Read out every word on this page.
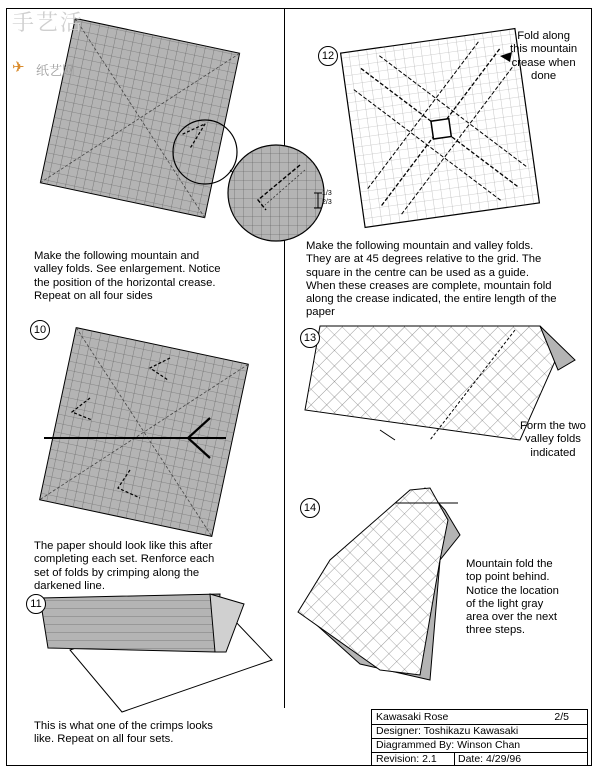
1/3
2/3
手艺活
✈ 纸艺网
Make the following mountain and
valley folds. See enlargement. Notice
the position of the horizontal crease.
Repeat on all four sides
10
11
12
13
14
The paper should look like this after
completing each set. Renforce each
set of folds by crimping along the
darkened line.
This is what one of the crimps looks
like. Repeat on all four sets.
Make the following mountain and valley folds.
They are at 45 degrees relative to the grid. The
square in the centre can be used as a guide.
When these creases are complete, mountain fold
along the crease indicated, the entire length of the
paper
Form the two
valley folds
indicated
Mountain fold the
top point behind.
Notice the location
of the light gray
area over the next
three steps.
Fold along
this mountain
crease when
done
Kawasaki Rose	2/5
Designer: Toshikazu Kawasaki
Diagrammed By: Winson Chan
Revision: 2.1 Date: 4/29/96
